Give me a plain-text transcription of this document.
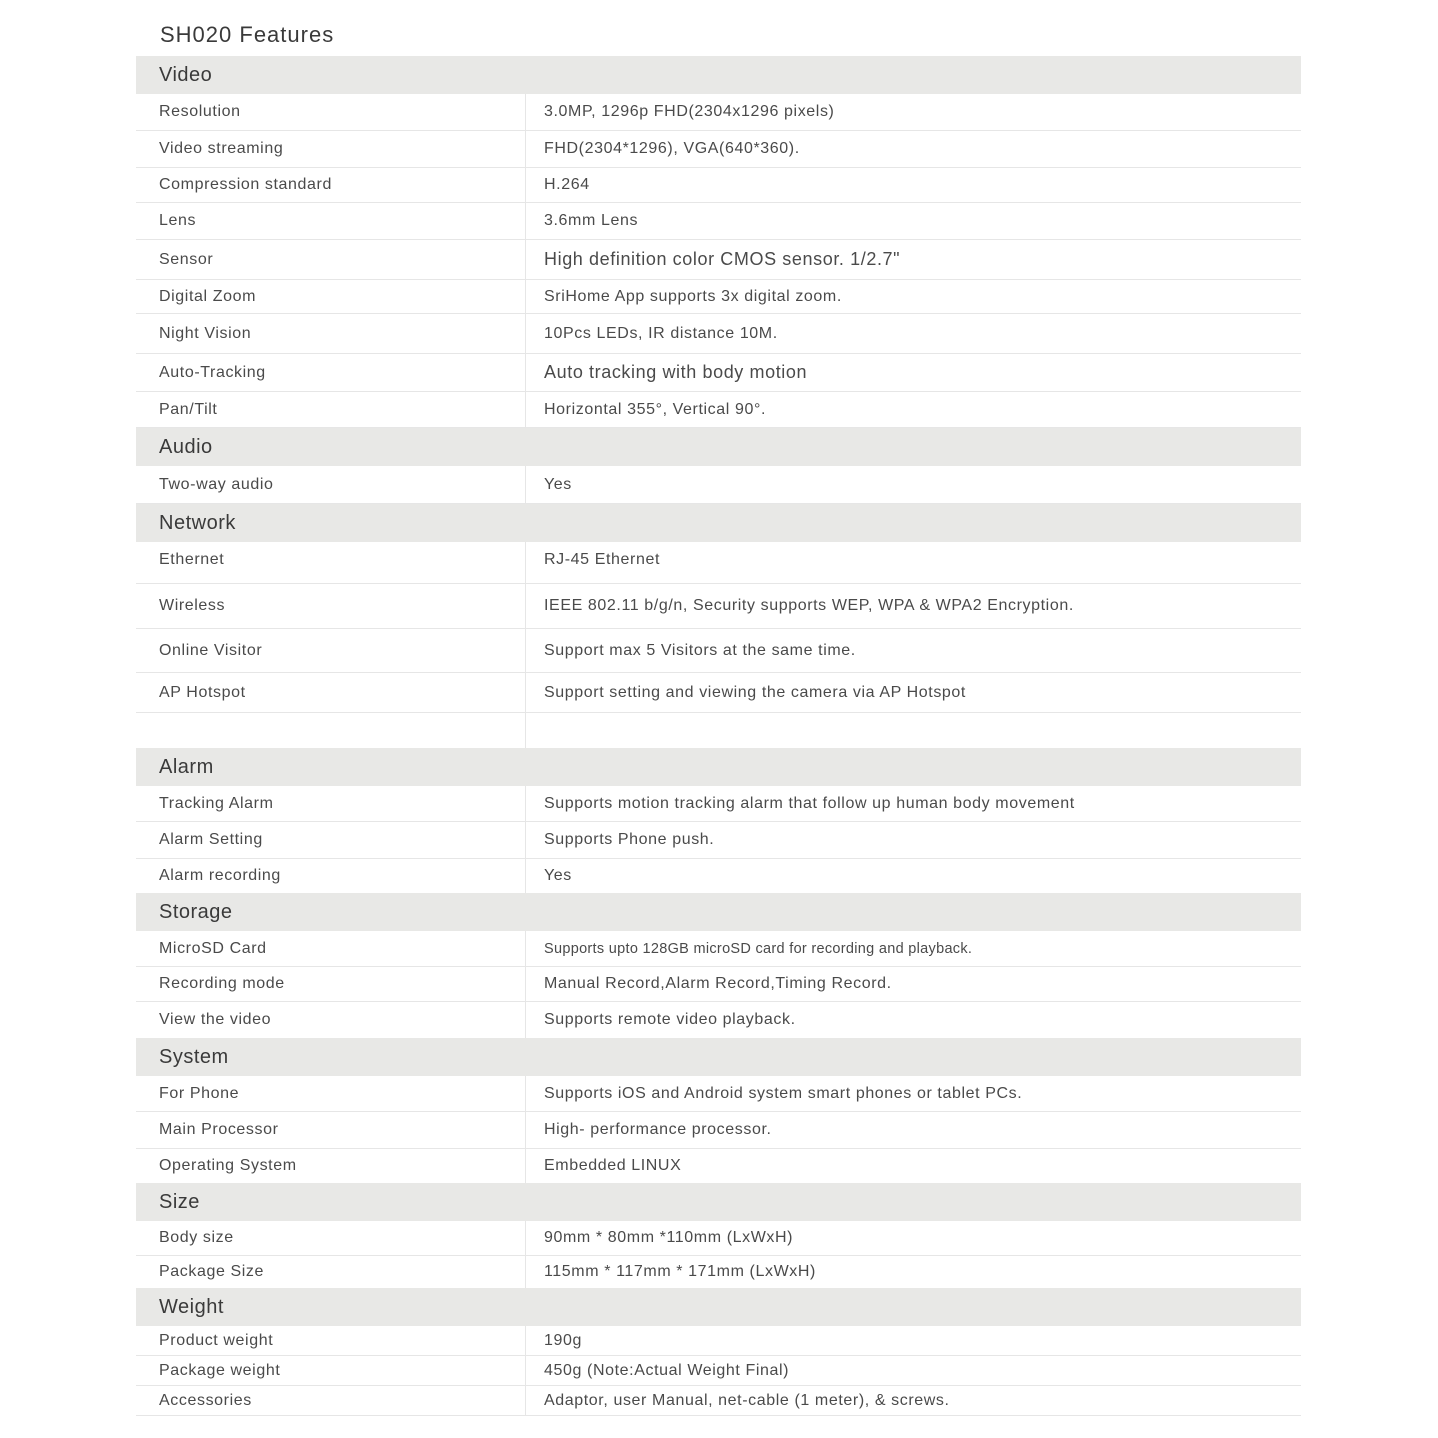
SH020 Features
Video
Resolution	3.0MP, 1296p FHD(2304x1296 pixels)
Video streaming	FHD(2304*1296), VGA(640*360).
Compression standard	H.264
Lens	3.6mm Lens
Sensor	High definition color CMOS sensor. 1/2.7"
Digital Zoom	SriHome App supports 3x digital zoom.
Night Vision	10Pcs LEDs, IR distance 10M.
Auto-Tracking	Auto tracking with body motion
Pan/Tilt	Horizontal 355°, Vertical 90°.
Audio
Two-way audio	Yes
Network
Ethernet	RJ-45 Ethernet
Wireless	IEEE 802.11 b/g/n, Security supports WEP, WPA & WPA2 Encryption.
Online Visitor	Support max 5 Visitors at the same time.
AP Hotspot	Support setting and viewing the camera via AP Hotspot
Alarm
Tracking Alarm	Supports motion tracking alarm that follow up human body movement
Alarm Setting	Supports Phone push.
Alarm recording	Yes
Storage
MicroSD Card	Supports upto 128GB microSD card for recording and playback.
Recording mode	Manual Record,Alarm Record,Timing Record.
View the video	Supports remote video playback.
System
For Phone	Supports iOS and Android system smart phones or tablet PCs.
Main Processor	High- performance processor.
Operating System	Embedded LINUX
Size
Body size	90mm * 80mm *110mm (LxWxH)
Package Size	115mm * 117mm * 171mm (LxWxH)
Weight
Product weight	190g
Package weight	450g (Note:Actual Weight Final)
Accessories	Adaptor, user Manual, net-cable (1 meter), & screws.
